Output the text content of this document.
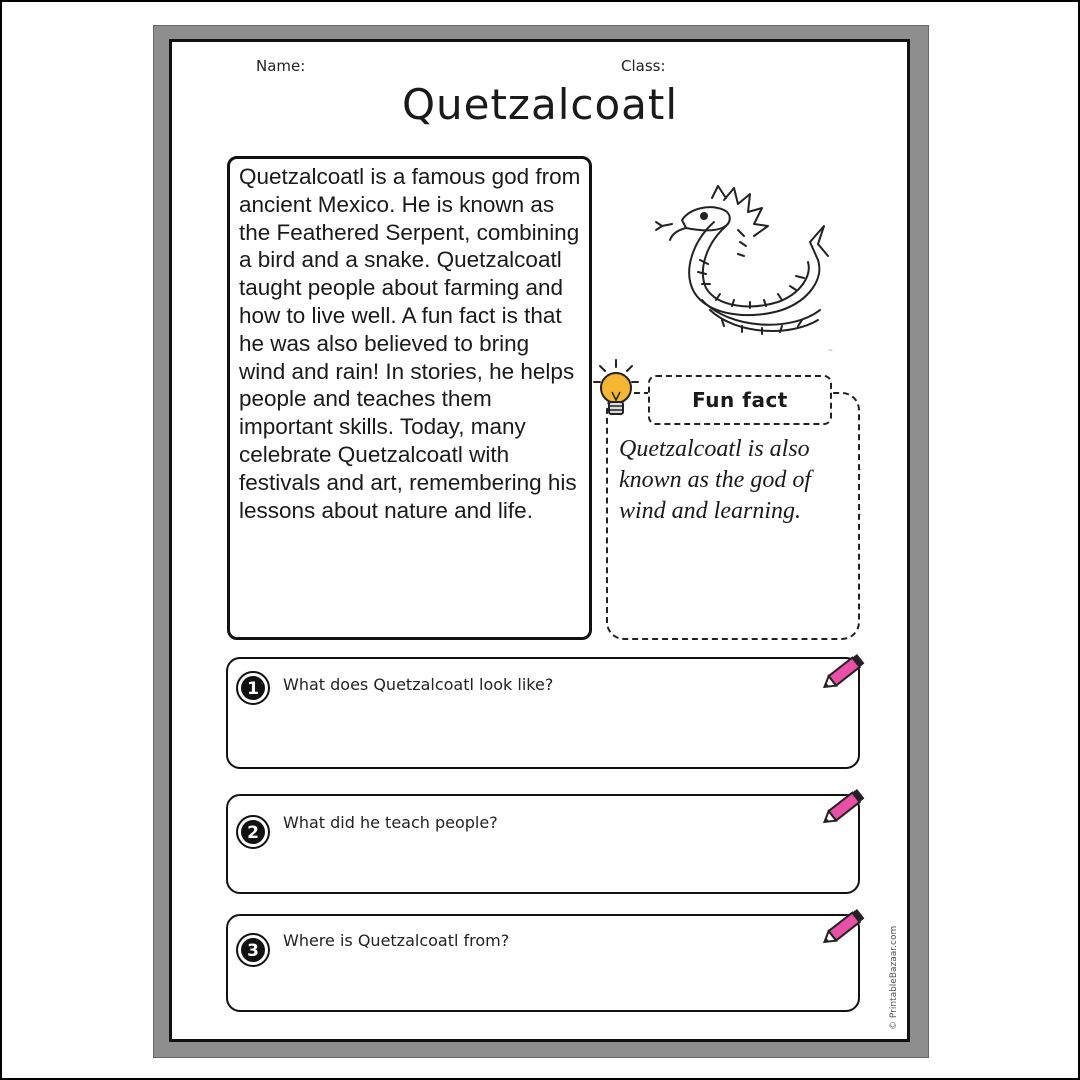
Name:	Class:
Quetzalcoatl
Quetzalcoatl is a famous god from ancient Mexico. He is known as the Feathered Serpent, combining a bird and a snake. Quetzalcoatl taught people about farming and how to live well. A fun fact is that he was also believed to bring wind and rain! In stories, he helps people and teaches them important skills. Today, many celebrate Quetzalcoatl with festivals and art, remembering his lessons about nature and life.
~
Fun fact
Quetzalcoatl is also known as the god of wind and learning.
1 What does Quetzalcoatl look like?
2
What did he teach people?
3
Where is Quetzalcoatl from?	© PrintableBazaar.com
